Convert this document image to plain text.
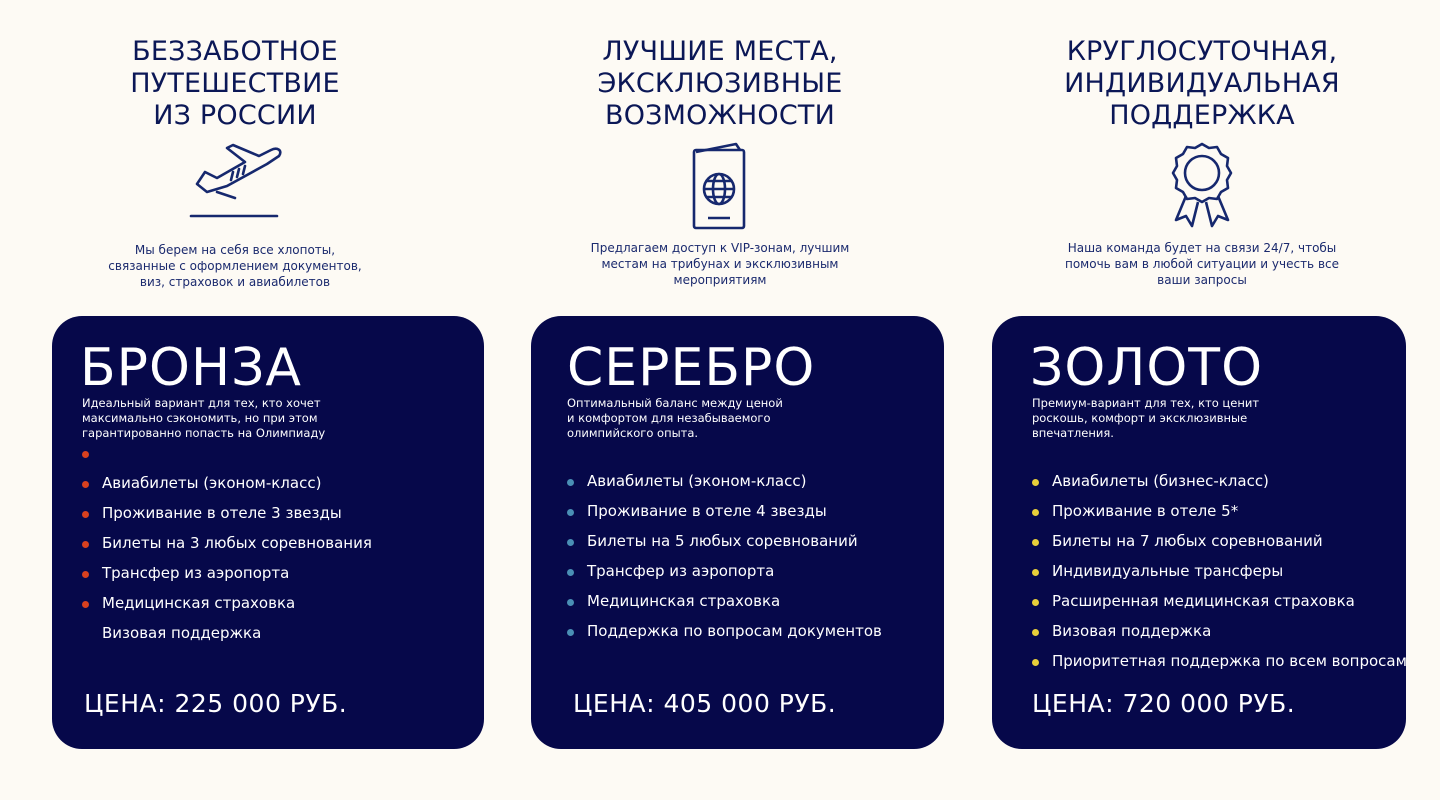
БЕЗЗАБОТНОЕ
ПУТЕШЕСТВИЕ
ИЗ РОССИИ
Мы берем на себя все хлопоты,
связанные с оформлением документов,
виз, страховок и авиабилетов
ЛУЧШИЕ МЕСТА,
ЭКСКЛЮЗИВНЫЕ
ВОЗМОЖНОСТИ
Предлагаем доступ к VIP-зонам, лучшим
местам на трибунах и эксклюзивным
мероприятиям
КРУГЛОСУТОЧНАЯ,
ИНДИВИДУАЛЬНАЯ
ПОДДЕРЖКА
Наша команда будет на связи 24/7, чтобы
помочь вам в любой ситуации и учесть все
ваши запросы
БРОНЗА
Идеальный вариант для тех, кто хочет
максимально сэкономить, но при этом
гарантированно попасть на Олимпиаду
Авиабилеты (эконом-класс)
Проживание в отеле 3 звезды
Билеты на 3 любых соревнования
Трансфер из аэропорта
Медицинская страховка
Визовая поддержка
ЦЕНА: 225 000 РУБ.
СЕРЕБРО
Оптимальный баланс между ценой
и комфортом для незабываемого
олимпийского опыта.
Авиабилеты (эконом-класс)
Проживание в отеле 4 звезды
Билеты на 5 любых соревнований
Трансфер из аэропорта
Медицинская страховка
Поддержка по вопросам документов
ЦЕНА: 405 000 РУБ.
ЗОЛОТО
Премиум-вариант для тех, кто ценит
роскошь, комфорт и эксклюзивные
впечатления.
Авиабилеты (бизнес-класс)
Проживание в отеле 5*
Билеты на 7 любых соревнований
Индивидуальные трансферы
Расширенная медицинская страховка
Визовая поддержка
Приоритетная поддержка по всем вопросам
ЦЕНА: 720 000 РУБ.
